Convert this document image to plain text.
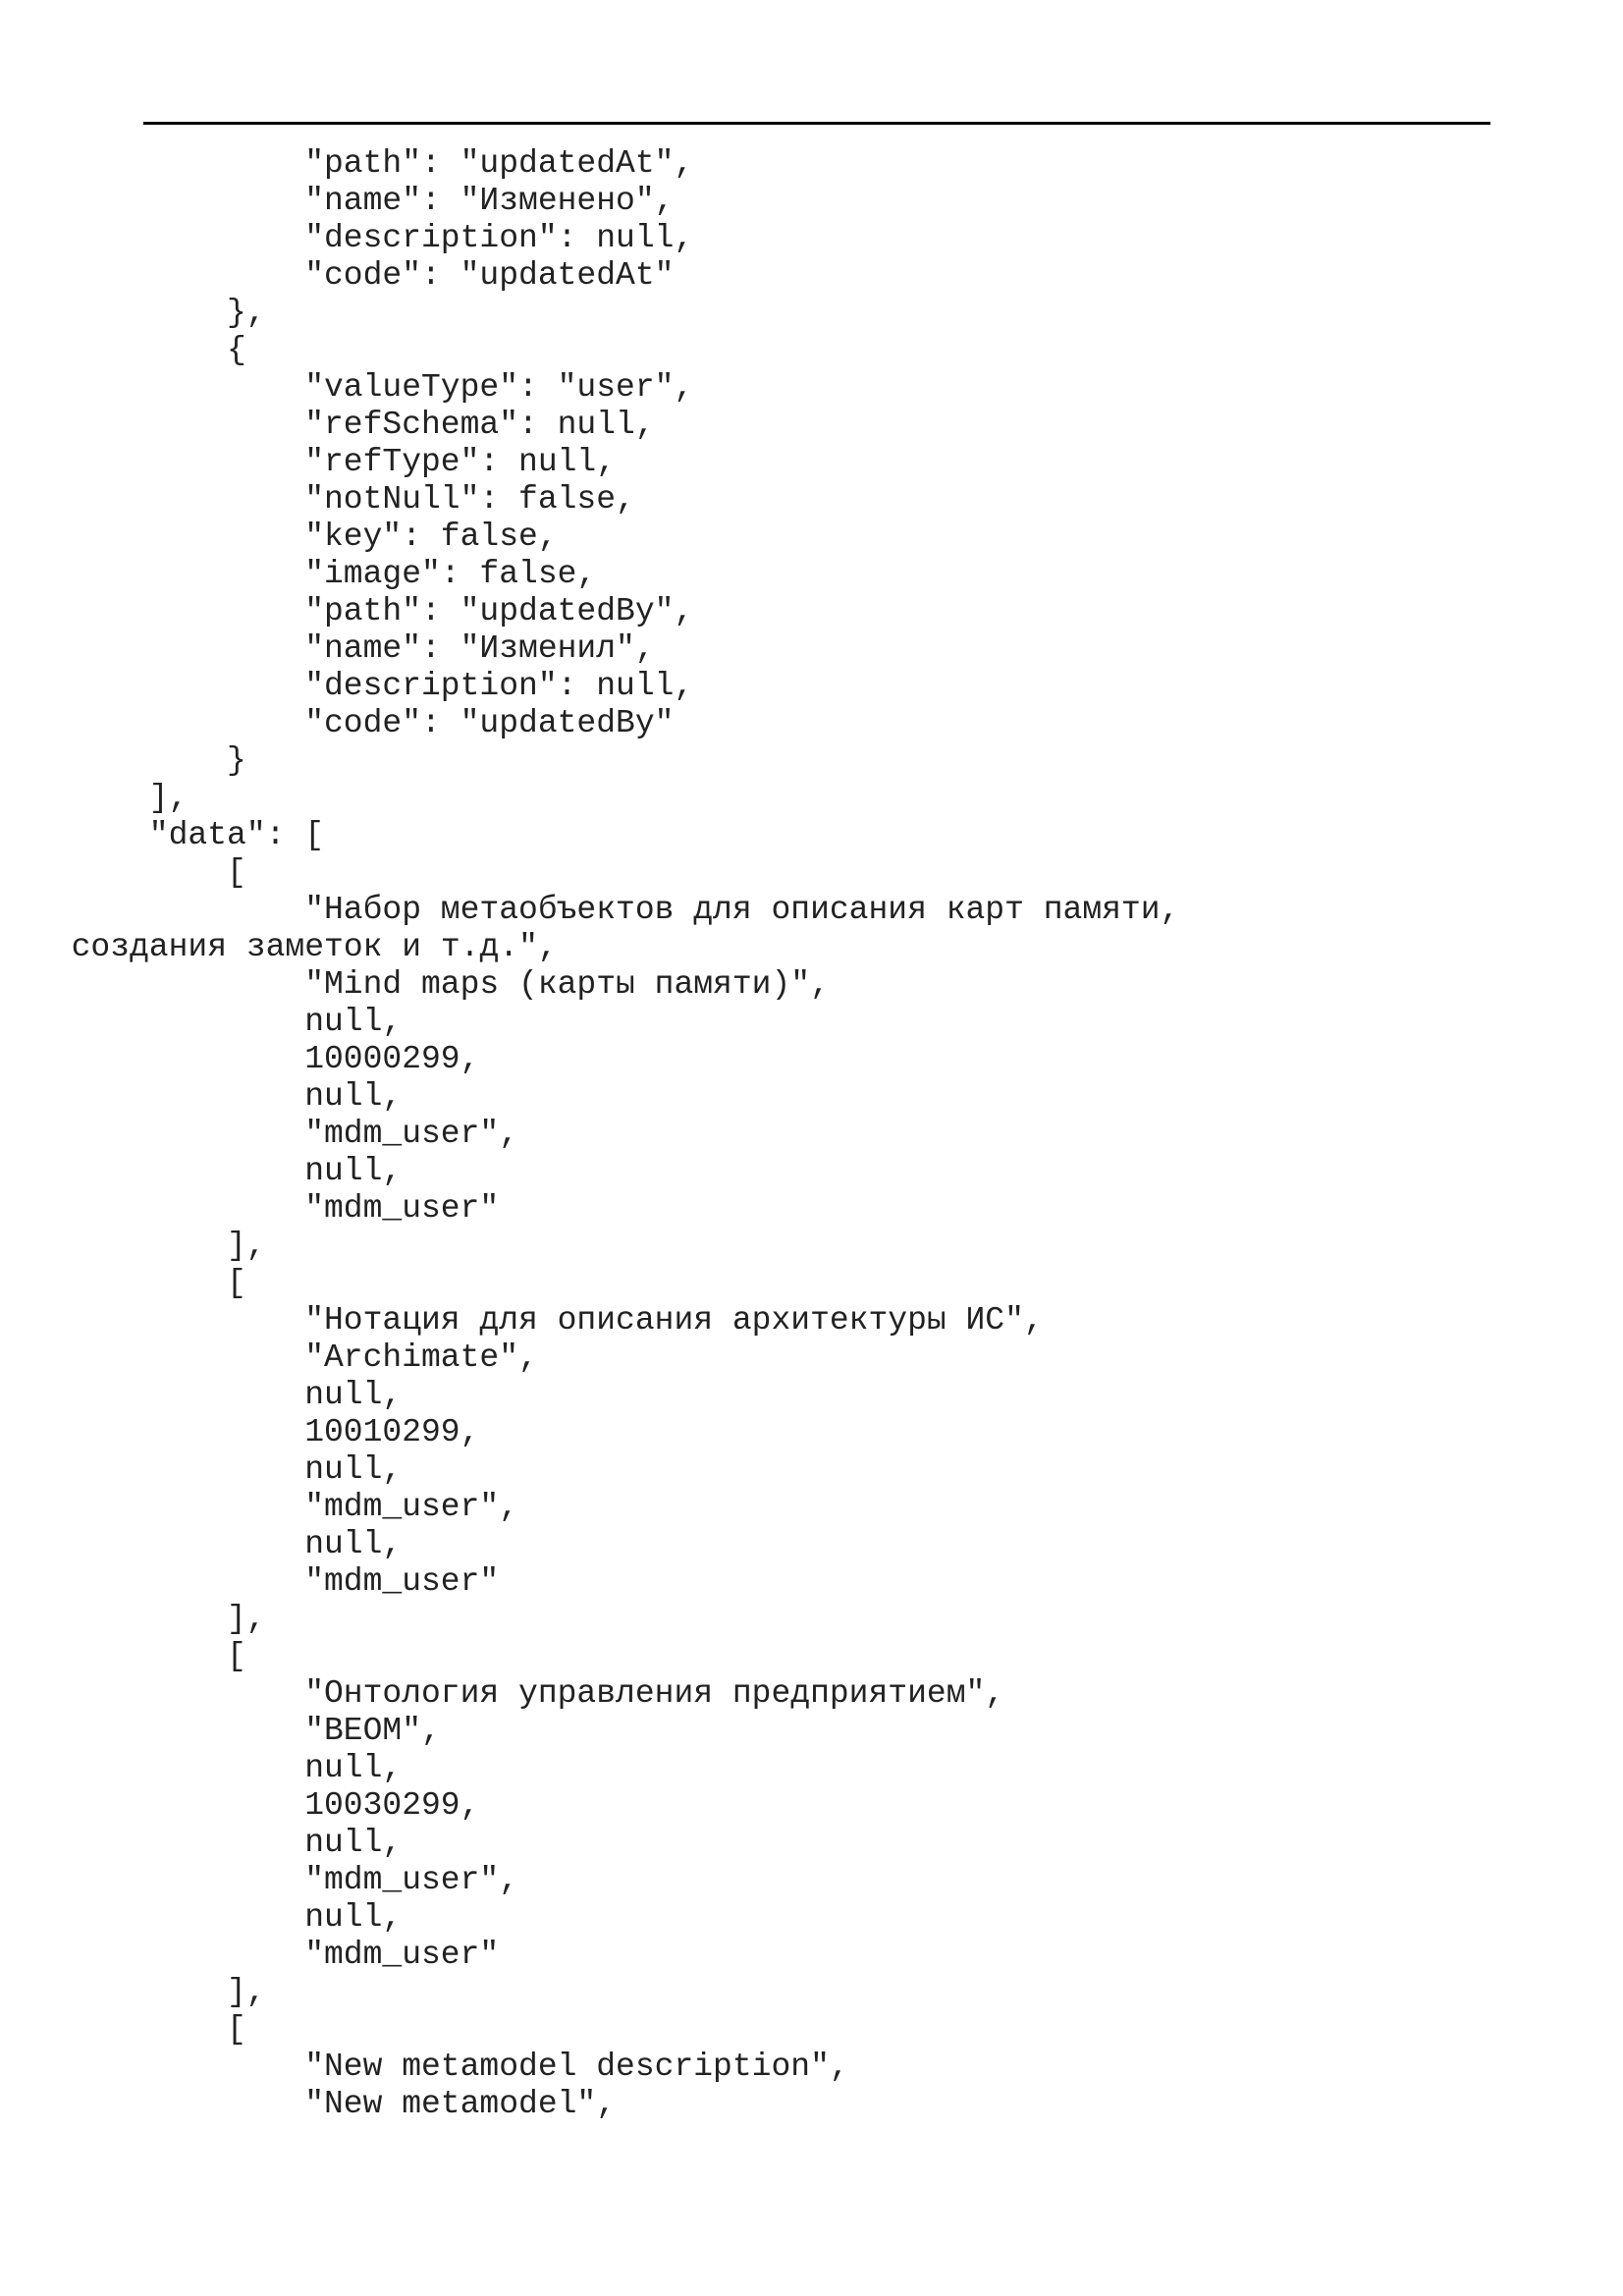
"path": "updatedAt",
"name": "Изменено",
"description": null,
"code": "updatedAt"
},
{
"valueType": "user",
"refSchema": null,
"refType": null,
"notNull": false,
"key": false,
"image": false,
"path": "updatedBy",
"name": "Изменил",
"description": null,
"code": "updatedBy"
}
],
"data": [
[
"Набор метаобъектов для описания карт памяти,
создания заметок и т.д.",
"Mind maps (карты памяти)",
null,
10000299,
null,
"mdm_user",
null,
"mdm_user"
],
[
"Нотация для описания архитектуры ИС",
"Archimate",
null,
10010299,
null,
"mdm_user",
null,
"mdm_user"
],
[
"Онтология управления предприятием",
"BEOM",
null,
10030299,
null,
"mdm_user",
null,
"mdm_user"
],
[
"New metamodel description",
"New metamodel",
